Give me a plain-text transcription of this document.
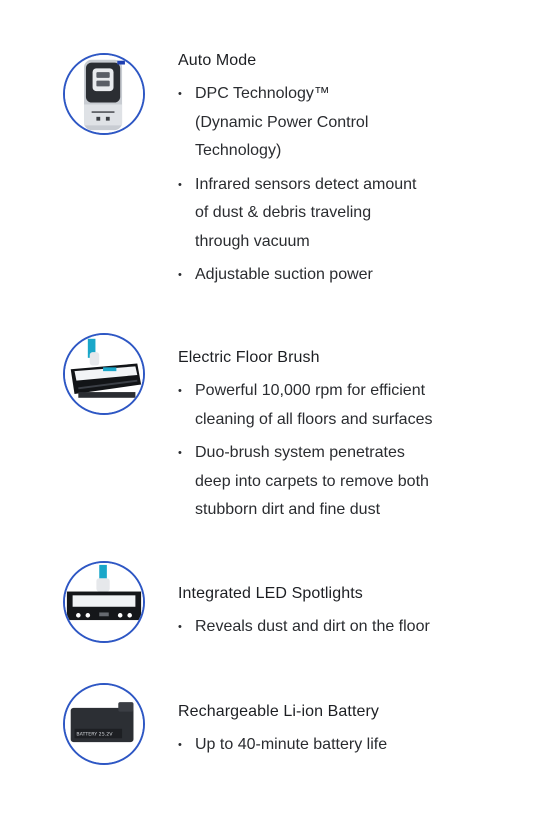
Auto Mode
• DPC Technology™
(Dynamic Power Control
Technology)
• Infrared sensors detect amount
of dust & debris traveling
through vacuum
• Adjustable suction power
Electric Floor Brush
• Powerful 10,000 rpm for efficient
cleaning of all floors and surfaces
• Duo-brush system penetrates
deep into carpets to remove both
stubborn dirt and fine dust
Integrated LED Spotlights
• Reveals dust and dirt on the floor
BATTERY 25.2V
Rechargeable Li-ion Battery
• Up to 40-minute battery life
